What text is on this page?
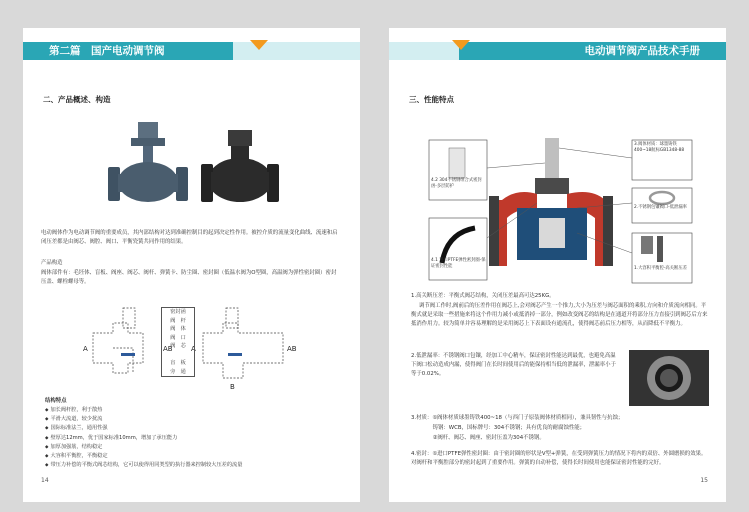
第二篇　国产电动调节阀
二、产品概述、构造
电动阀体作为电动调节阀的重要成员，其内部结构对达到准确控制目的起到决定性作用。被控介质的流量变化曲线、流速和启闭压差都是由阀芯、阀腔、阀口、平衡瓷簧共同作用的结果。
产品构造
阀体部件有：毛坯体、盲板、阀座、阀芯、阀杆、弹簧卡、防尘圈、密封圈（低温水阀为O型圈，高温阀为弹性密封圈）密封压盖、螺栓螺母等。
A	AB	A	AB
B
密封函
阀　杆
阀　体
阀　口
阀　芯
盲　板
旁　通
结构特点
◆ 加长阀杆腔，利于散热
◆ 平滑大流道，较少扰流
◆ 国际标准法兰，通用性强
◆ 壁厚达12mm，优于国家标准10mm，增加了承压能力
◆ 加厚加强筋，结构稳定
◆ 大容积平衡腔，平衡稳定
◆ 带压力补偿的平衡式阀芯结构，它可以使得用同类型的执行器来控制较大压差的流量
14
电动调节阀产品技术手册
三、性能特点
4.2 304不锈钢组合式密封函-多层防护
4.1 进口PTFE弹性密封圈-保证密封性能
3.阀体材质：球墨铸铁400~18航标GB1348-88
2.不锈钢包镶阀口-低泄漏率
1.大容积平衡腔-高关断压差
1.高关断压差：平衡式阀芯结构，关闭压差最高可达25KG。
调节阀工作时,阀前后的压差作用在阀芯上,会对阀芯产生一个推力,大小为压差与阀芯面积的乘积,方向和介质流向相同。平衡式就是采取一些措施来将这个作用力减小或抵消掉一部分，例如改变阀芯的结构是在通道开将部分压力直接引到阀芯后方来抵消作用力。较为简单并容易理解的是采用阀芯上下表面设有通流孔，使得阀芯前后压力相等，从而降低不平衡力。
2.低泄漏率：不锈钢阀口包镶，经加工中心精车，保证密封性能达到最优，也避免高温下阀口松动造成内漏，使得阀门在长时间使用后的能保持相当低的泄漏率，泄漏率小于等于0.02%。
3.材质：①阀体材质球墨铸铁400~18（与西门子原装阀体材质相同），兼具韧性与抗蚀；
　　　　铸钢：WCB，国标牌号：304不锈钢；具有优良的耐腐蚀性能；
　　　　②阀杆、阀芯、阀座、密封压盖为304不锈钢。
4.密封：①进口PTFE弹性密封圈：由于密封圈的形状是V型+弹簧，在受到弹簧压力的情况下将内的双倍、外圆磨损的效果。对阀杆和平衡腔部分的密封起到了重要作用。弹簧的自动补偿，使得长时间使用也能保证密封性能的完好。
15
